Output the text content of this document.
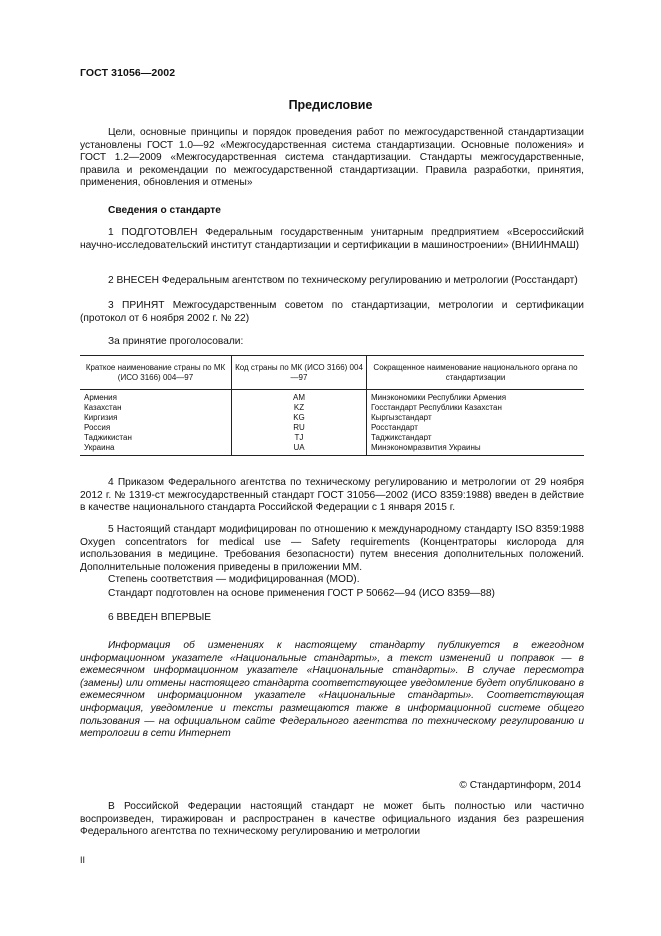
ГОСТ 31056—2002
Предисловие
Цели, основные принципы и порядок проведения работ по межгосударственной стандартизации установлены ГОСТ 1.0—92 «Межгосударственная система стандартизации. Основные положения» и ГОСТ 1.2—2009 «Межгосударственная система стандартизации. Стандарты межгосударственные, правила и рекомендации по межгосударственной стандартизации. Правила разработки, принятия, применения, обновления и отмены»
Сведения о стандарте
1 ПОДГОТОВЛЕН Федеральным государственным унитарным предприятием «Всероссийский научно-исследовательский институт стандартизации и сертификации в машиностроении» (ВНИИНМАШ)
2 ВНЕСЕН Федеральным агентством по техническому регулированию и метрологии (Росстандарт)
3 ПРИНЯТ Межгосударственным советом по стандартизации, метрологии и сертификации (протокол от 6 ноября 2002 г. № 22)
За принятие проголосовали:
Краткое наименование страны по МК (ИСО 3166) 004—97	Код страны по МК (ИСО 3166) 004—97	Сокращенное наименование национального органа по стандартизации
Армения	AM	Минэкономики Республики Армения
Казахстан	KZ	Госстандарт Республики Казахстан
Киргизия	KG	Кыргызстандарт
Россия	RU	Росстандарт
Таджикистан	TJ	Таджикстандарт
Украина	UA	Минэкономразвития Украины
4 Приказом Федерального агентства по техническому регулированию и метрологии от 29 ноября 2012 г. № 1319-ст межгосударственный стандарт ГОСТ 31056—2002 (ИСО 8359:1988) введен в действие в качестве национального стандарта Российской Федерации с 1 января 2015 г.
5 Настоящий стандарт модифицирован по отношению к международному стандарту ISO 8359:1988 Oxygen concentrators for medical use — Safety requirements (Концентраторы кислорода для использования в медицине. Требования безопасности) путем внесения дополнительных положений. Дополнительные положения приведены в приложении ММ.
Степень соответствия — модифицированная (MOD).
Стандарт подготовлен на основе применения ГОСТ Р 50662—94 (ИСО 8359—88)
6 ВВЕДЕН ВПЕРВЫЕ
Информация об изменениях к настоящему стандарту публикуется в ежегодном информационном указателе «Национальные стандарты», а текст изменений и поправок — в ежемесячном информационном указателе «Национальные стандарты». В случае пересмотра (замены) или отмены настоящего стандарта соответствующее уведомление будет опубликовано в ежемесячном информационном указателе «Национальные стандарты». Соответствующая информация, уведомление и тексты размещаются также в информационной системе общего пользования — на официальном сайте Федерального агентства по техническому регулированию и метрологии в сети Интернет
© Стандартинформ, 2014
В Российской Федерации настоящий стандарт не может быть полностью или частично воспроизведен, тиражирован и распространен в качестве официального издания без разрешения Федерального агентства по техническому регулированию и метрологии
II
